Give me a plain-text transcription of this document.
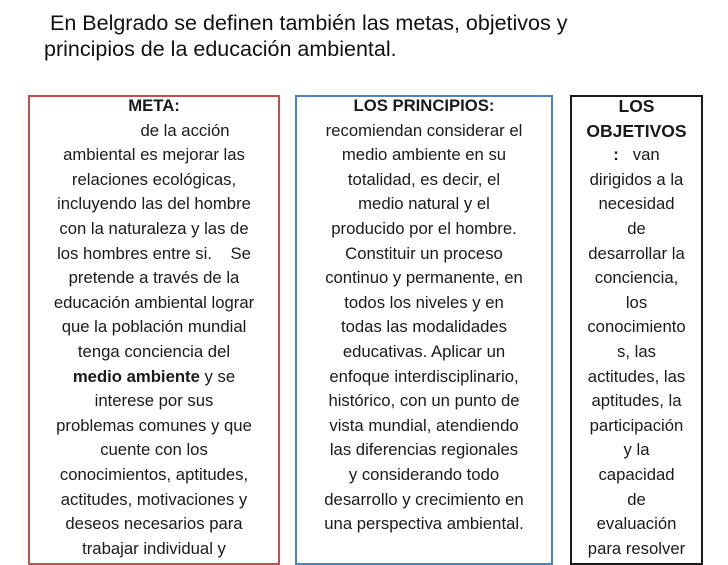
En Belgrado se definen también las metas, objetivos y
principios de la educación ambiental.
META:
de la acción
ambiental es mejorar las
relaciones ecológicas,
incluyendo las del hombre
con la naturaleza y las de
los hombres entre si.    Se
pretende a través de la
educación ambiental lograr
que la población mundial
tenga conciencia del
medio ambiente y se
interese por sus
problemas comunes y que
cuente con los
conocimientos, aptitudes,
actitudes, motivaciones y
deseos necesarios para
trabajar individual y
LOS PRINCIPIOS:
recomiendan considerar el
medio ambiente en su
totalidad, es decir, el
medio natural y el
producido por el hombre.
Constituir un proceso
continuo y permanente, en
todos los niveles y en
todas las modalidades
educativas. Aplicar un
enfoque interdisciplinario,
histórico, con un punto de
vista mundial, atendiendo
las diferencias regionales
y considerando todo
desarrollo y crecimiento en
una perspectiva ambiental.
LOS
OBJETIVOS
:   van
dirigidos a la
necesidad
de
desarrollar la
conciencia,
los
conocimiento
s, las
actitudes, las
aptitudes, la
participación
y la
capacidad
de
evaluación
para resolver
